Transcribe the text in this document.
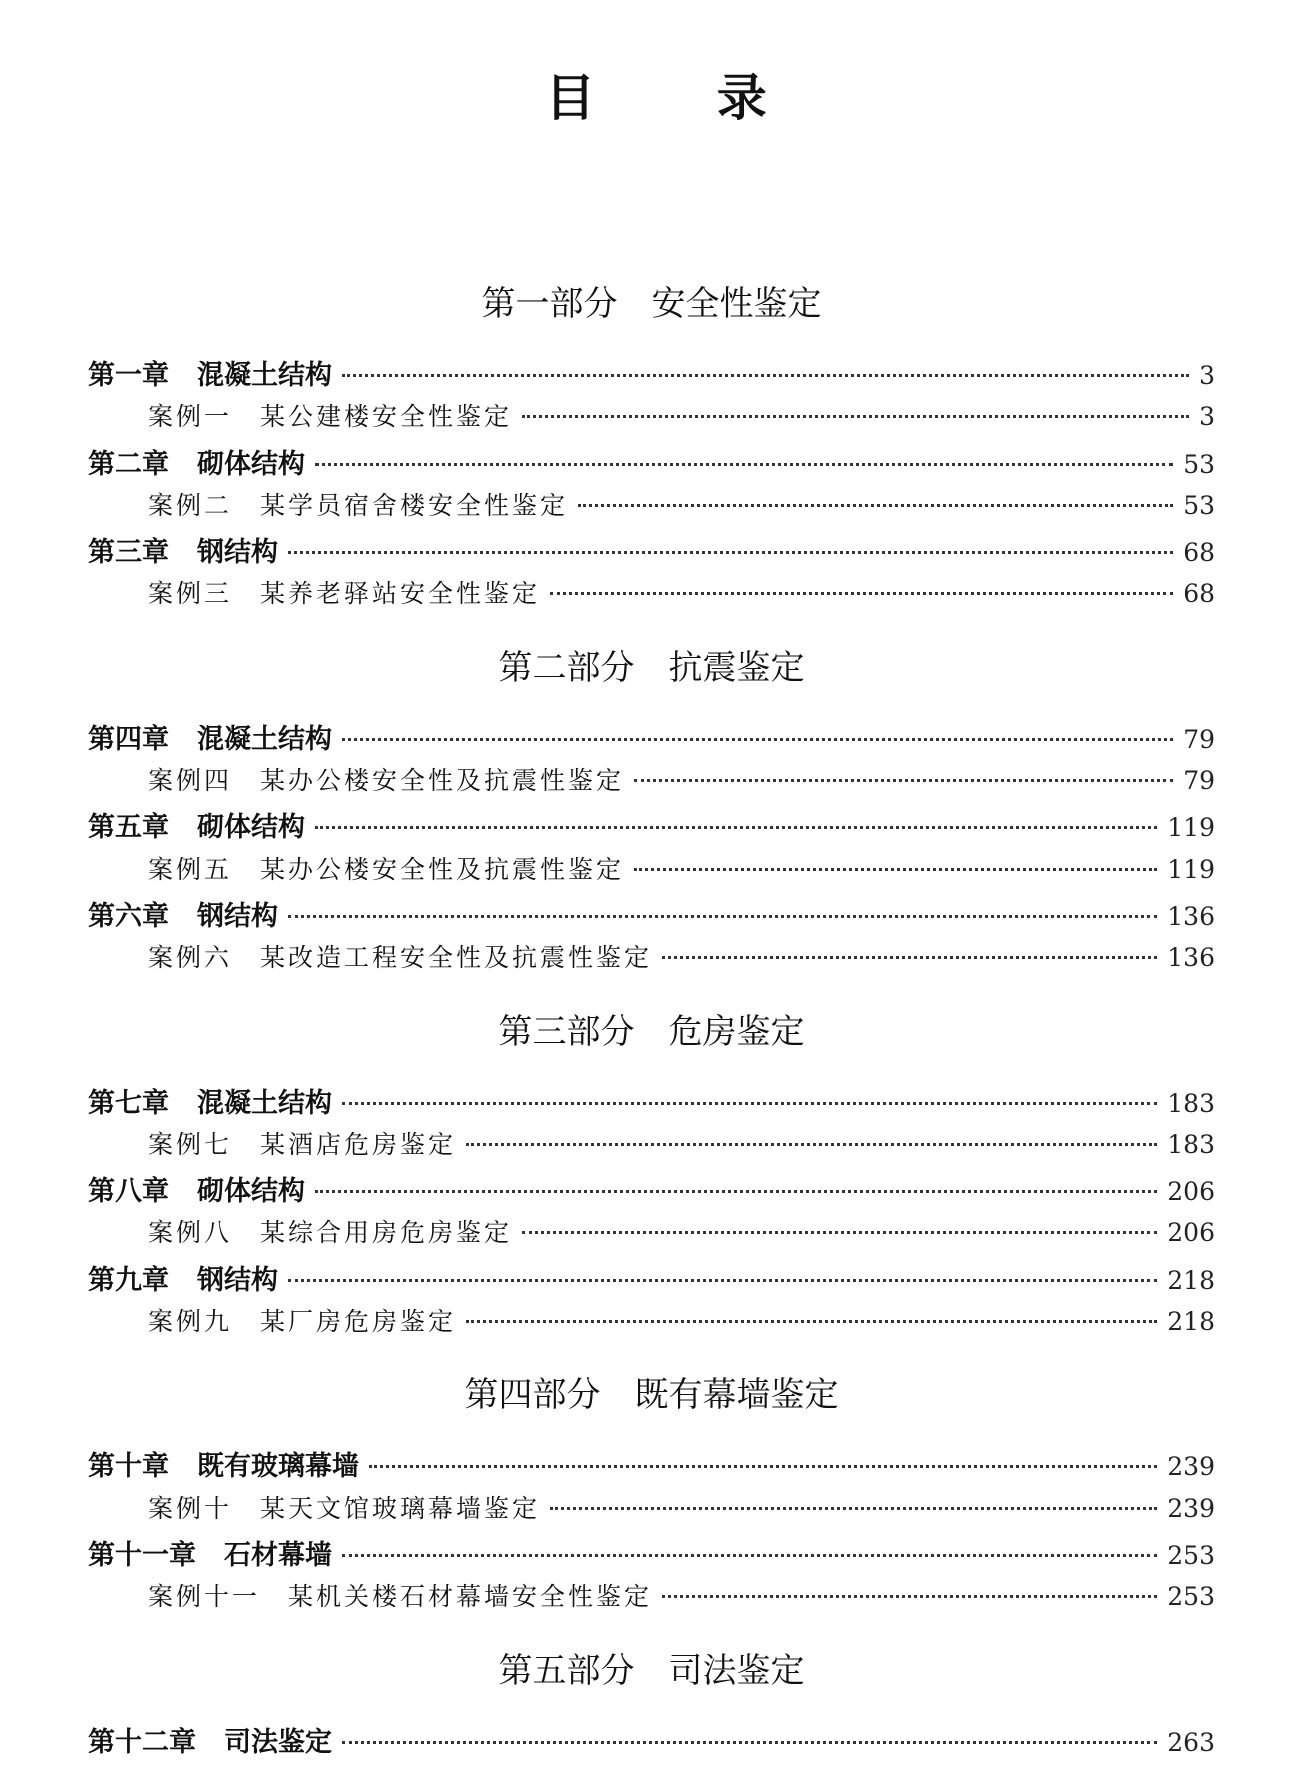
目 录
第一部分 安全性鉴定
第一章 混凝土结构	3
案例一 某公建楼安全性鉴定	3
第二章 砌体结构	53
案例二 某学员宿舍楼安全性鉴定	53
第三章 钢结构	68
案例三 某养老驿站安全性鉴定	68
第二部分 抗震鉴定
第四章 混凝土结构	79
案例四 某办公楼安全性及抗震性鉴定	79
第五章 砌体结构	119
案例五 某办公楼安全性及抗震性鉴定	119
第六章 钢结构	136
案例六 某改造工程安全性及抗震性鉴定	136
第三部分 危房鉴定
第七章 混凝土结构	183
案例七 某酒店危房鉴定	183
第八章 砌体结构	206
案例八 某综合用房危房鉴定	206
第九章 钢结构	218
案例九 某厂房危房鉴定	218
第四部分 既有幕墙鉴定
第十章 既有玻璃幕墙	239
案例十 某天文馆玻璃幕墙鉴定	239
第十一章 石材幕墙	253
案例十一 某机关楼石材幕墙安全性鉴定	253
第五部分 司法鉴定
第十二章 司法鉴定	263
